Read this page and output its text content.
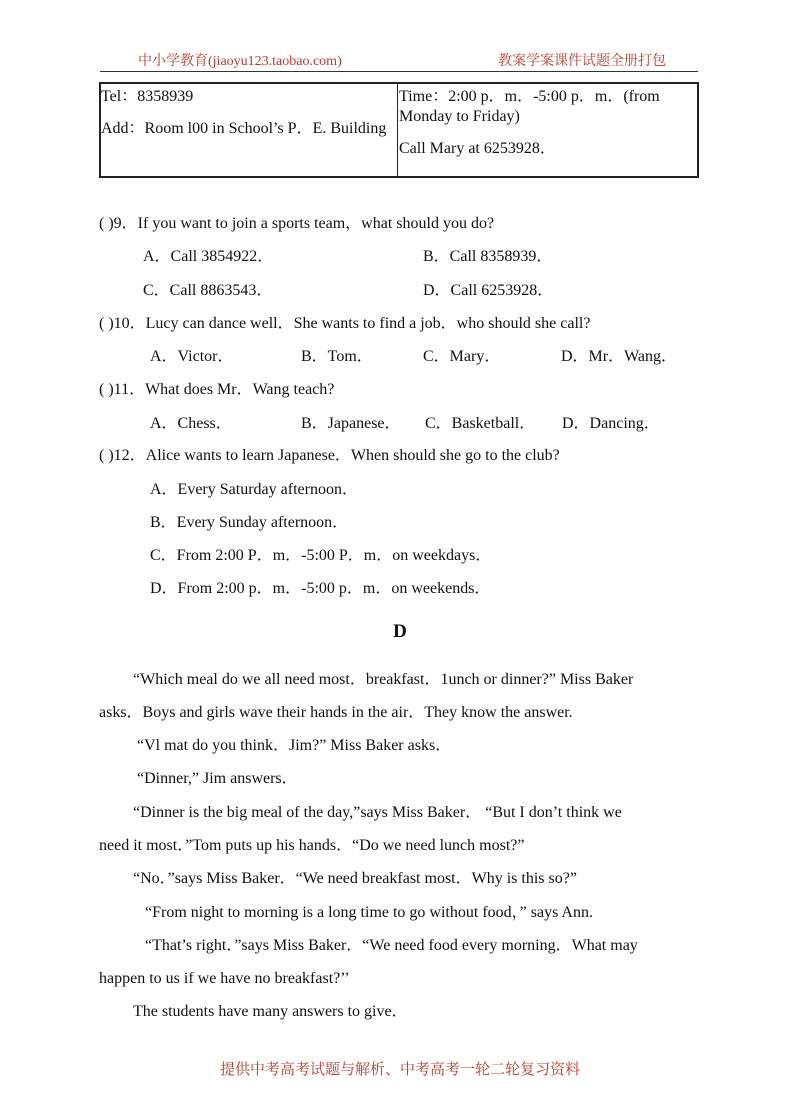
中小学教育(jiaoyu123.taobao.com)	教案学案课件试题全册打包
Tel：8358939
Add：Room l00 in School’s P．E. Building
Time：2:00 p．m．-5:00 p．m．(from
Monday to Friday)
Call Mary at 6253928．
( )9．If you want to join a sports team，what should you do?
A．Call 3854922．	B．Call 8358939．
C．Call 8863543．	D．Call 6253928．
( )10．Lucy can dance well．She wants to find a job．who should she call?
A．Victor．	B．Tom．	C．Mary．	D．Mr．Wang．
( )11．What does Mr．Wang teach?
A．Chess．	B．Japanese． C．Basketball． D．Dancing．
( )12．Alice wants to learn Japanese．When should she go to the club?
A．Every Saturday afternoon．
B．Every Sunday afternoon．
C．From 2:00 P．m．-5:00 P．m．on weekdays．
D．From 2:00 p．m．-5:00 p．m．on weekends．
D
“Which meal do we all need most．breakfast．1unch or dinner?” Miss Baker
asks．Boys and girls wave their hands in the air．They know the answer.
“Vl mat do you think．Jim?” Miss Baker asks．
“Dinner,” Jim answers．
“Dinner is the big meal of the day,”says Miss Baker． “But I don’t think we
need it most．”Tom puts up his hands．“Do we need lunch most?”
“No．”says Miss Baker．“We need breakfast most．Why is this so?”
“From night to morning is a long time to go without food，” says Ann.
“That’s right．”says Miss Baker．“We need food every morning．What may
happen to us if we have no breakfast?’’
The students have many answers to give．
提供中考高考试题与解析、中考高考一轮二轮复习资料
